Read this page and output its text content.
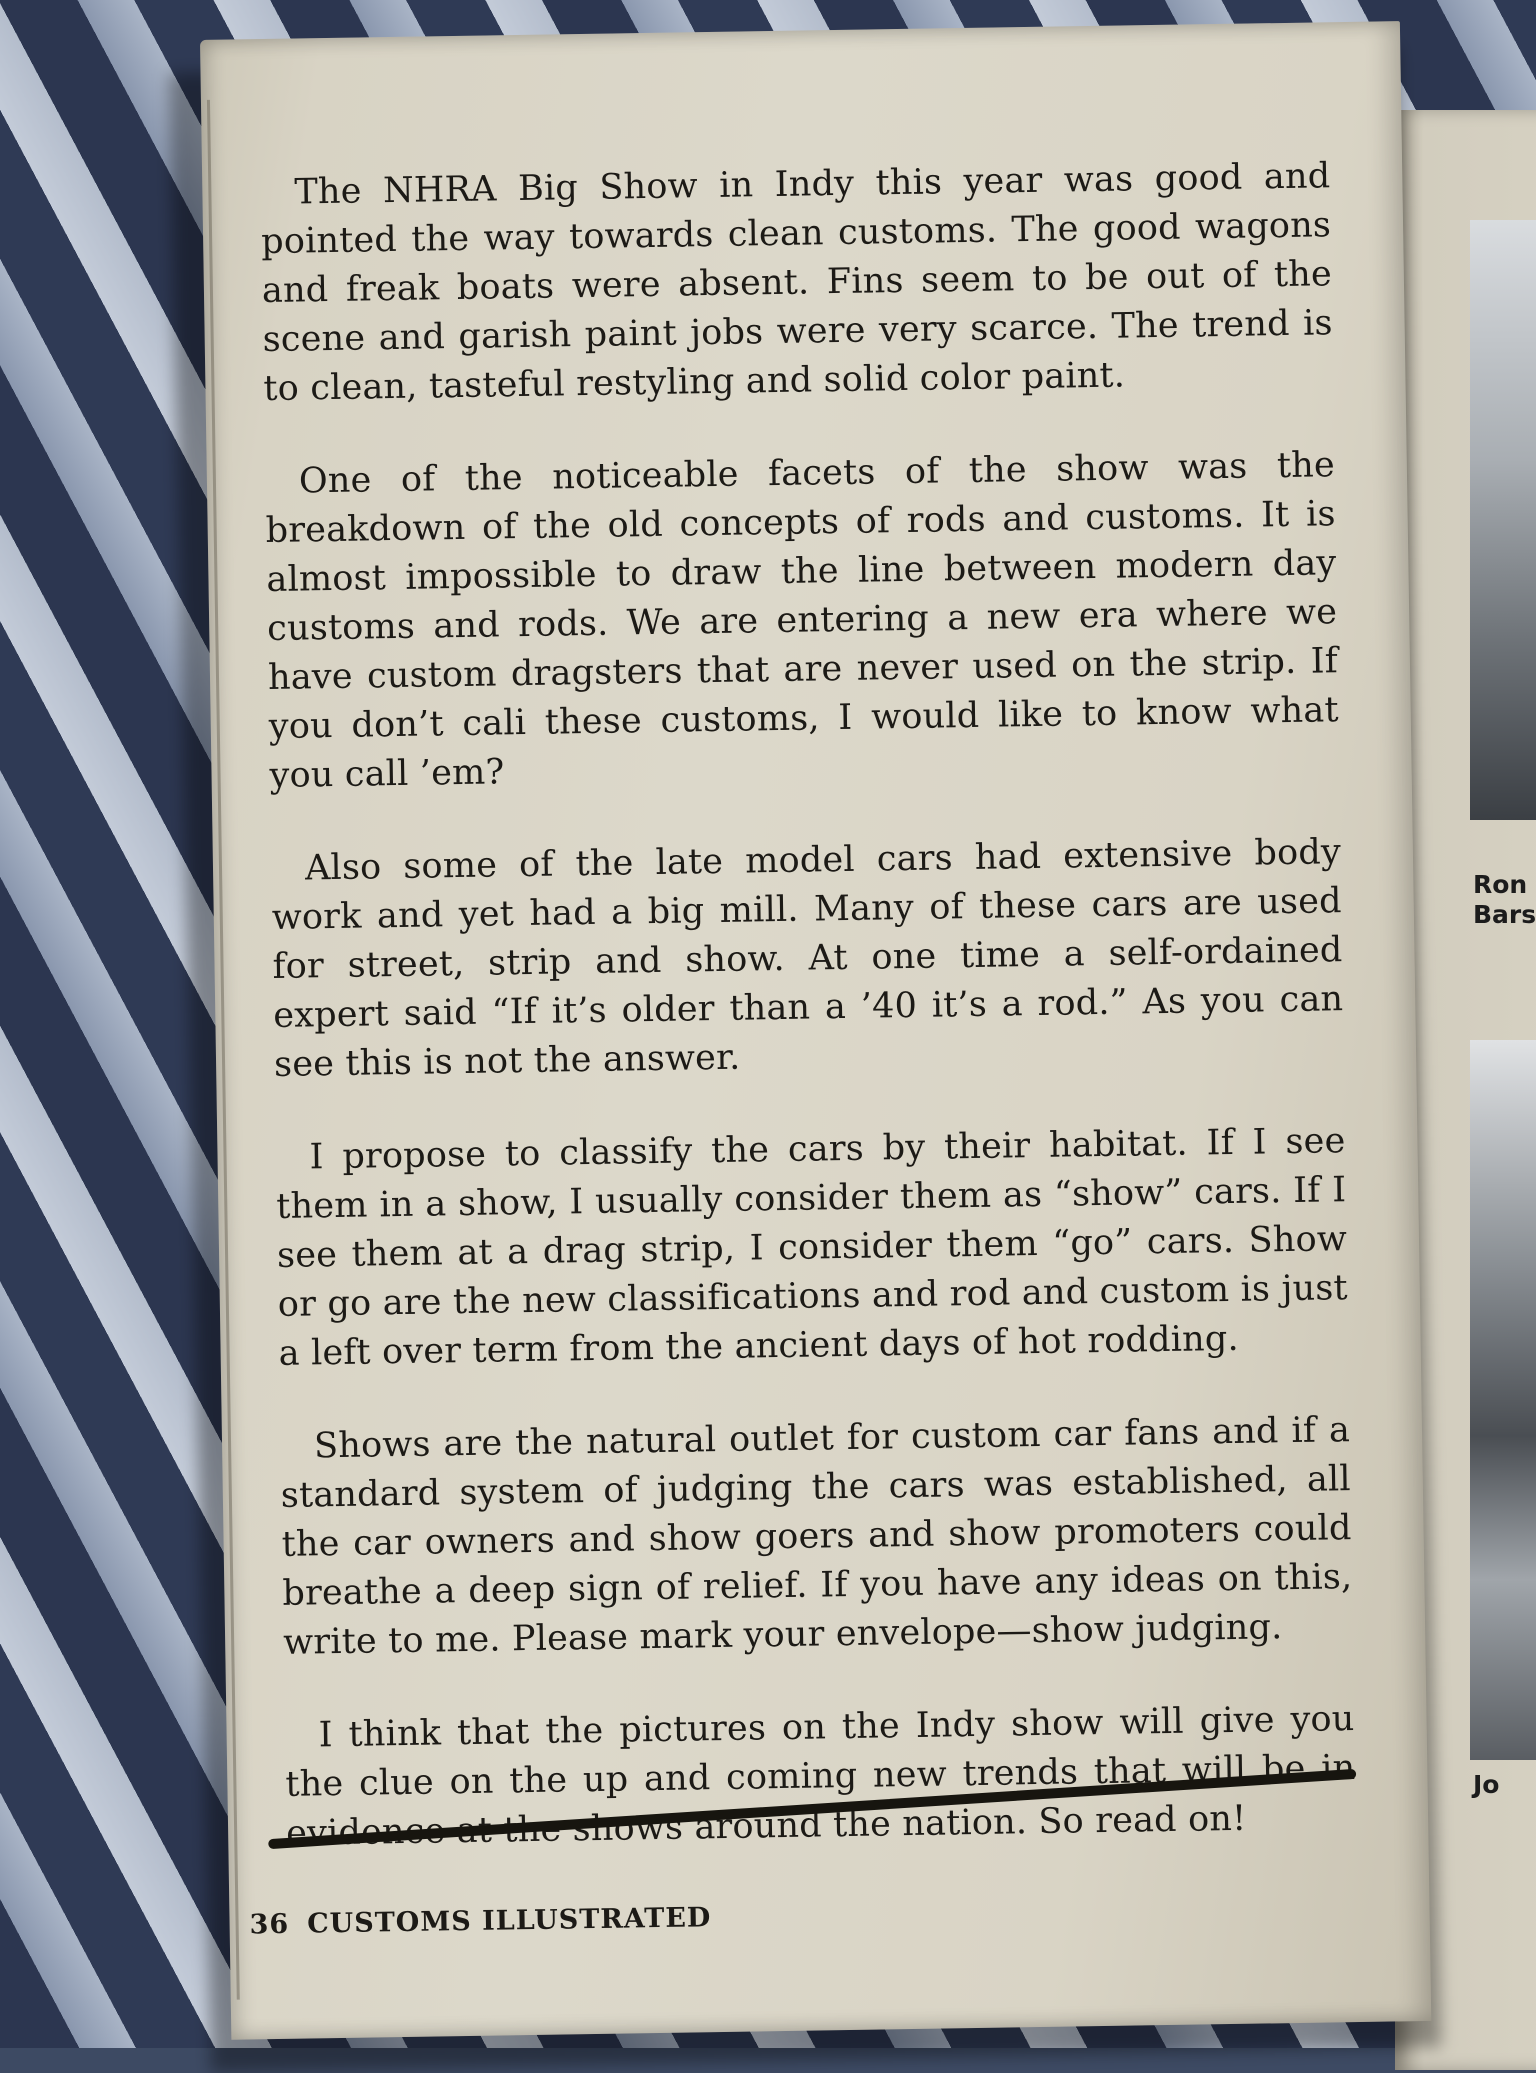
Ron
Bars
Jo

The NHRA Big Show in Indy this year was good and pointed the way towards clean customs. The good wagons and freak boats were absent. Fins seem to be out of the scene and garish paint jobs were very scarce. The trend is to clean, tasteful restyling and solid color paint.

One of the noticeable facets of the show was the breakdown of the old concepts of rods and customs. It is almost impossible to draw the line between modern day customs and rods. We are entering a new era where we have custom dragsters that are never used on the strip. If you don’t cali these customs, I would like to know what you call ’em?

Also some of the late model cars had extensive body work and yet had a big mill. Many of these cars are used for street, strip and show. At one time a self-ordained expert said “If it’s older than a ’40 it’s a rod.” As you can see this is not the answer.

I propose to classify the cars by their habitat. If I see them in a show, I usually consider them as “show” cars. If I see them at a drag strip, I consider them “go” cars. Show or go are the new classifications and rod and custom is just a left over term from the ancient days of hot rodding.

Shows are the natural outlet for custom car fans and if a standard system of judging the cars was established, all the car owners and show goers and show promoters could breathe a deep sign of relief. If you have any ideas on this, write to me. Please mark your envelope—show judging.

I think that the pictures on the Indy show will give you the clue on the up and coming new trends that will be in evidence at the shows around the nation. So read on!

36 CUSTOMS ILLUSTRATED
